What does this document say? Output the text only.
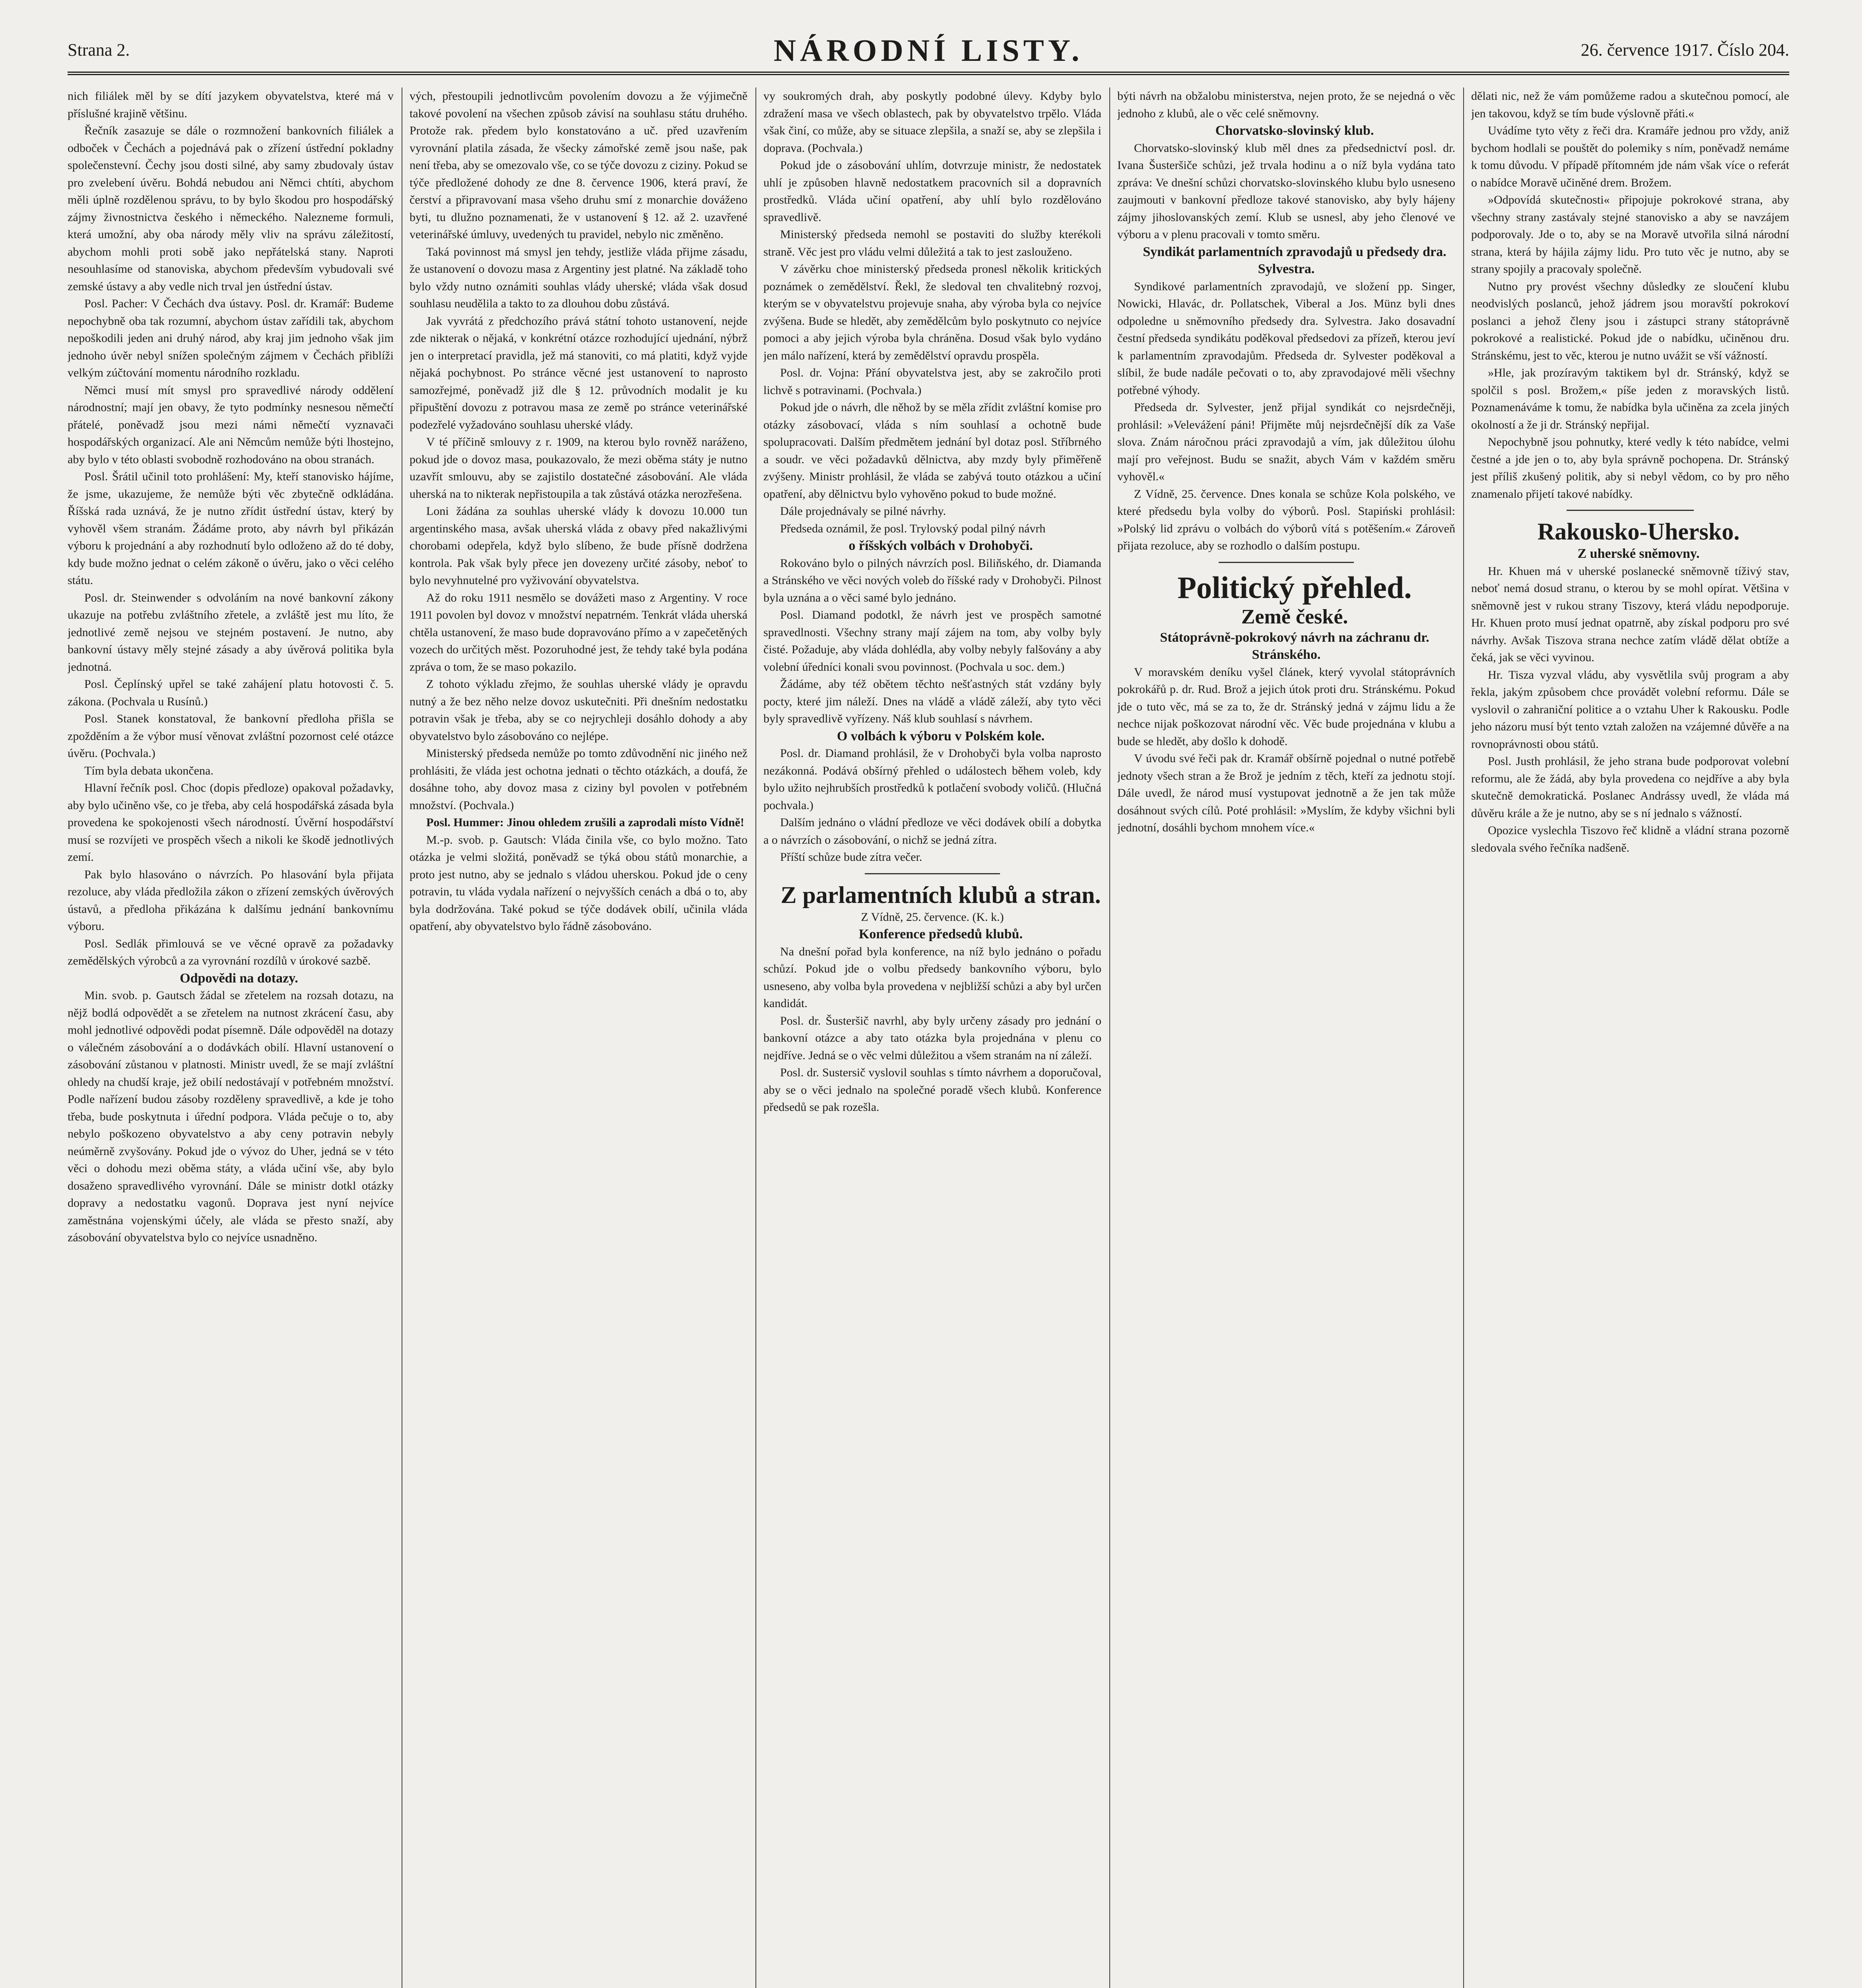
Strana 2.	NÁRODNÍ LISTY.	26. července 1917. Číslo 204.

nich filiálek měl by se dítí jazykem obyvatelstva, které má v příslušné krajině většinu.

Řečník zasazuje se dále o rozmnožení bankovních filiálek a odboček v Čechách a pojednává pak o zřízení ústřední pokladny společenstevní. Čechy jsou dosti silné, aby samy zbudovaly ústav pro zvelebení úvěru. Bohdá nebudou ani Němci chtíti, abychom měli úplně rozdělenou správu, to by bylo škodou pro hospodářský zájmy živnostnictva českého i německého. Naleznemе formuli, která umožní, aby oba národy měly vliv na správu záležitostí, abychom mohli proti sobě jako nepřátelská stany. Naproti nesouhlasíme od stanoviska, abychom především vybudovali své zemské ústavy a aby vedle nich trval jen ústřední ústav.

Posl. Pacher: V Čechách dva ústavy. Posl. dr. Kramář: Budeme nepochybně oba tak rozumní, abychom ústav zařídili tak, abychom nepoškodili jeden ani druhý národ, aby kraj jim jednoho však jim jednoho úvěr nebyl snížen společným zájmem v Čechách přiblíži velkým zúčtování momentu národního rozkladu.

Němci musí mít smysl pro spravedlivé národy oddělení národnostní; mají jen obavy, že tyto podmínky nesnesou němečtí přátelé, poněvadž jsou mezi námi němečtí vyznavači hospodářských organizací. Ale ani Němcům nemůže býti lhostejno, aby bylo v této oblasti svobodně rozhodováno na obou stranách.

Posl. Šrátil učinil toto prohlášení: My, kteří stanovisko hájíme, že jsme, ukazujeme, že nemůže býti věc zbytečně odkládána. Říšská rada uznává, že je nutno zřídit ústřední ústav, který by vyhověl všem stranám. Žádáme proto, aby návrh byl přikázán výboru k projednání a aby rozhodnutí bylo odloženo až do té doby, kdy bude možno jednat o celém zákoně o úvěru, jako o věci celého státu.

Posl. dr. Steinwender s odvoláním na nové bankovní zákony ukazuje na potřebu zvláštního zřetele, a zvláště jest mu líto, že jednotlivé země nejsou ve stejném postavení. Je nutno, aby bankovní ústavy měly stejné zásady a aby úvěrová politika byla jednotná.

Posl. Čeplínský upřel se také zahájení platu hotovosti č. 5. zákona. (Pochvala u Rusínů.)

Posl. Stanek konstatoval, že bankovní předloha přišla se zpožděním a že výbor musí věnovat zvláštní pozornost celé otázce úvěru. (Pochvala.)

Tím byla debata ukončena.

Hlavní řečník posl. Choc (dopis předloze) opakoval požadavky, aby bylo učiněno vše, co je třeba, aby celá hospodářská zásada byla provedena ke spokojenosti všech národností. Úvěrní hospodářství musí se rozvíjeti ve prospěch všech a nikoli ke škodě jednotlivých zemí.

Pak bylo hlasováno o návrzích. Po hlasování byla přijata rezoluce, aby vláda předložila zákon o zřízení zemských úvěrových ústavů, a předloha přikázána k dalšímu jednání bankovnímu výboru.

Posl. Sedlák přimlouvá se ve věcné opravě za požadavky zemědělských výrobců a za vyrovnání rozdílů v úrokové sazbě.

Odpovědi na dotazy.

Min. svob. p. Gautsch žádal se zřetelem na rozsah dotazu, na nějž bodlá odpovědět a se zřetelem na nutnost zkrácení času, aby mohl jednotlivé odpovědi podat písemně. Dále odpověděl na dotazy o válečném zásobování a o dodávkách obilí. Hlavní ustanovení o zásobování zůstanou v platnosti. Ministr uvedl, že se mají zvláštní ohledy na chudší kraje, jež obilí nedostávají v potřebném množství. Podle nařízení budou zásoby rozděleny spravedlivě, a kde je toho třeba, bude poskytnuta i úřední podpora. Vláda pečuje o to, aby nebylo poškozeno obyvatelstvo a aby ceny potravin nebyly neúměrně zvyšovány. Pokud jde o vývoz do Uher, jedná se v této věci o dohodu mezi oběma státy, a vláda učiní vše, aby bylo dosaženo spravedlivého vyrovnání. Dále se ministr dotkl otázky dopravy a nedostatku vagonů. Doprava jest nyní nejvíce zaměstnána vojenskými účely, ale vláda se přesto snaží, aby zásobování obyvatelstva bylo co nejvíce usnadněno.

vých, přestoupili jednotlivcům povolením dovozu a že výjimečně takové povolení na všechen způsob závisí na souhlasu státu druhého. Protože rak. předem bylo konstatováno a uč. před uzavřením vyrovnání platila zásada, že všecky zámořské země jsou naše, pak není třeba, aby se omezovalo vše, co se týče dovozu z ciziny. Pokud se týče předložené dohody ze dne 8. července 1906, která praví, že čerství a připravovaní masa všeho druhu smí z monarchie dováženo byti, tu dlužno poznamenati, že v ustanovení § 12. až 2. uzavřené veterinářské úmluvy, uvedených tu pravidel, nebylo nic změněno.

Taká povinnost má smysl jen tehdy, jestliže vláda přijme zásadu, že ustanovení o dovozu masa z Argentiny jest platné. Na základě toho bylo vždy nutno oznámiti souhlas vlády uherské; vláda však dosud souhlasu neudělila a takto to za dlouhou dobu zůstává.

Jak vyvrátá z předchozího prává státní tohoto ustanovení, nejde zde nikterak o nějaká, v konkrétní otázce rozhodující ujednání, nýbrž jen o interpretací pravidla, jež má stanoviti, co má platiti, když vyjde nějaká pochybnost. Po stránce věcné jest ustanovení to naprosto samozřejmé, poněvadž již dle § 12. průvodních modalit je ku připuštění dovozu z potravou masa ze země po stránce veterinářské podezřelé vyžadováno souhlasu uherské vlády.

V té příčině smlouvy z r. 1909, na kterou bylo rovněž naráženo, pokud jde o dovoz masa, poukazovalo, že mezi oběma státy je nutno uzavřít smlouvu, aby se zajistilo dostatečné zásobování. Ale vláda uherská na to nikterak nepřistoupila a tak zůstává otázka nerozřešena.

Loni žádána za souhlas uherské vlády k dovozu 10.000 tun argentinského masa, avšak uherská vláda z obavy před nakažlivými chorobami odepřela, když bylo slíbeno, že bude přísně dodržena kontrola. Pak však byly přece jen dovezeny určité zásoby, neboť to bylo nevyhnutelné pro vyživování obyvatelstva.

Až do roku 1911 nesmělo se dovážeti maso z Argentiny. V roce 1911 povolen byl dovoz v množství nepatrném. Tenkrát vláda uherská chtěla ustanovení, že maso bude dopravováno přímo a v zapečetěných vozech do určitých měst. Pozoruhodné jest, že tehdy také byla podána zpráva o tom, že se maso pokazilo.

Z tohoto výkladu zřejmo, že souhlas uherské vlády je opravdu nutný a že bez něho nelze dovoz uskutečniti. Při dnešním nedostatku potravin však je třeba, aby se co nejrychleji dosáhlo dohody a aby obyvatelstvo bylo zásobováno co nejlépe.

Ministerský předseda nemůže po tomto zdůvodnění nic jiného než prohlásiti, že vláda jest ochotna jednati o těchto otázkách, a doufá, že dosáhne toho, aby dovoz masa z ciziny byl povolen v potřebném množství. (Pochvala.)

Posl. Hummer: Jinou ohledem zrušili a zaprodali místo Vídně!

M.-p. svob. p. Gautsch: Vláda činila vše, co bylo možno. Tato otázka je velmi složitá, poněvadž se týká obou států monarchie, a proto jest nutno, aby se jednalo s vládou uherskou. Pokud jde o ceny potravin, tu vláda vydala nařízení o nejvyšších cenách a dbá o to, aby byla dodržována. Také pokud se týče dodávek obilí, učinila vláda opatření, aby obyvatelstvo bylo řádně zásobováno.

vy soukromých drah, aby poskytly podobné úlevy. Kdyby bylo zdražení masa ve všech oblastech, pak by obyvatelstvo trpělo. Vláda však činí, co může, aby se situace zlepšila, a snaží se, aby se zlepšila i doprava. (Pochvala.)

Pokud jde o zásobování uhlím, dotvrzuje ministr, že nedostatek uhlí je způsoben hlavně nedostatkem pracovních sil a dopravních prostředků. Vláda učiní opatření, aby uhlí bylo rozdělováno spravedlivě.

Ministerský předseda nemohl se postaviti do služby kterékoli straně. Věc jest pro vládu velmi důležitá a tak to jest zaslouženo.

V závěrku choe ministerský předseda pronesl několik kritických poznámek o zemědělství. Řekl, že sledoval ten chvalitebný rozvoj, kterým se v obyvatelstvu projevuje snaha, aby výroba byla co nejvíce zvýšena. Bude se hledět, aby zemědělcům bylo poskytnuto co nejvíce pomoci a aby jejich výroba byla chráněna. Dosud však bylo vydáno jen málo nařízení, která by zemědělství opravdu prospěla.

Posl. dr. Vojna: Přání obyvatelstva jest, aby se zakročilo proti lichvě s potravinami. (Pochvala.)

Pokud jde o návrh, dle něhož by se měla zřídit zvláštní komise pro otázky zásobovací, vláda s ním souhlasí a ochotně bude spolupracovati. Dalším předmětem jednání byl dotaz posl. Stříbrného a soudr. ve věci požadavků dělnictva, aby mzdy byly přiměřeně zvýšeny. Ministr prohlásil, že vláda se zabývá touto otázkou a učiní opatření, aby dělnictvu bylo vyhověno pokud to bude možné.

Dále projednávaly se pilné návrhy.

Předseda oznámil, že posl. Trylovský podal pilný návrh

o říšských volbách v Drohobyči.

Rokováno bylo o pilných návrzích posl. Biliňského, dr. Diamanda a Stránského ve věci nových voleb do říšské rady v Drohobyči. Pilnost byla uznána a o věci samé bylo jednáno.

Posl. Diamand podotkl, že návrh jest ve prospěch samotné spravedlnosti. Všechny strany mají zájem na tom, aby volby byly čisté. Požaduje, aby vláda dohlédla, aby volby nebyly falšovány a aby volební úředníci konali svou povinnost. (Pochvala u soc. dem.)

Žádáme, aby též obětem těchto nešťastných stát vzdány byly pocty, které jim náleží. Dnes na vládě a vládě záleží, aby tyto věci byly spravedlivě vyřízeny. Náš klub souhlasí s návrhem.

O volbách k výboru v Polském kole.

Posl. dr. Diamand prohlásil, že v Drohobyči byla volba naprosto nezákonná. Podává obšírný přehled o událostech během voleb, kdy bylo užito nejhrubších prostředků k potlačení svobody voličů. (Hlučná pochvala.)

Dalším jednáno o vládní předloze ve věci dodávek obilí a dobytka a o návrzích o zásobování, o nichž se jedná zítra.

Příští schůze bude zítra večer.

Z parlamentních klubů a stran.

Z Vídně, 25. července. (K. k.)

Konference předsedů klubů.

Na dnešní pořad byla konference, na níž bylo jednáno o pořadu schůzí. Pokud jde o volbu předsedy bankovního výboru, bylo usneseno, aby volba byla provedena v nejbližší schůzi a aby byl určen kandidát.

Posl. dr. Šusteršič navrhl, aby byly určeny zásady pro jednání o bankovní otázce a aby tato otázka byla projednána v plenu co nejdříve. Jedná se o věc velmi důležitou a všem stranám na ní záleží.

Posl. dr. Sustersič vyslovil souhlas s tímto návrhem a doporučoval, aby se o věci jednalo na společné poradě všech klubů. Konference předsedů se pak rozešla.

býti návrh na obžalobu ministerstva, nejen proto, že se nejedná o věc jednoho z klubů, ale o věc celé sněmovny.

Chorvatsko-slovinský klub.

Chorvatsko-slovinský klub měl dnes za předsednictví posl. dr. Ivana Šusteršiče schůzi, jež trvala hodinu a o níž byla vydána tato zpráva: Ve dnešní schůzi chorvatsko-slovinského klubu bylo usneseno zaujmouti v bankovní předloze takové stanovisko, aby byly hájeny zájmy jihoslovanských zemí. Klub se usnesl, aby jeho členové ve výboru a v plenu pracovali v tomto směru.

Syndikát parlamentních zpravodajů u předsedy dra. Sylvestra.

Syndikové parlamentních zpravodajů, ve složení pp. Singer, Nowicki, Hlavác, dr. Pollatschek, Viberal a Jos. Münz byli dnes odpoledne u sněmovního předsedy dra. Sylvestra. Jako dosavadní čestní předseda syndikátu poděkoval předsedovi za přízeň, kterou jeví k parlamentním zpravodajům. Předseda dr. Sylvester poděkoval a slíbil, že bude nadále pečovati o to, aby zpravodajové měli všechny potřebné výhody.

Předseda dr. Sylvester, jenž přijal syndikát co nejsrdečněji, prohlásil: »Velevážení páni! Přijměte můj nejsrdečnější dík za Vaše slova. Znám náročnou práci zpravodajů a vím, jak důležitou úlohu mají pro veřejnost. Budu se snažit, abych Vám v každém směru vyhověl.«

Z Vídně, 25. července. Dnes konala se schůze Kola polského, ve které předsedu byla volby do výborů. Posl. Stapiński prohlásil: »Polský lid zprávu o volbách do výborů vítá s potěšením.« Zároveň přijata rezoluce, aby se rozhodlo o dalším postupu.

Politický přehled.

Země české.

Státoprávně-pokrokový návrh na záchranu dr. Stránského.

V moravském deníku vyšel článek, který vyvolal státoprávních pokrokářů p. dr. Rud. Brož a jejich útok proti dru. Stránskému. Pokud jde o tuto věc, má se za to, že dr. Stránský jedná v zájmu lidu a že nechce nijak poškozovat národní věc. Věc bude projednána v klubu a bude se hledět, aby došlo k dohodě.

V úvodu své řeči pak dr. Kramář obšírně pojednal o nutné potřebě jednoty všech stran a že Brož je jedním z těch, kteří za jednotu stojí. Dále uvedl, že národ musí vystupovat jednotně a že jen tak může dosáhnout svých cílů. Poté prohlásil: »Myslím, že kdyby všichni byli jednotní, dosáhli bychom mnohem více.«

dělati nic, než že vám pomůžeme radou a skutečnou pomocí, ale jen takovou, když se tím bude výslovně přáti.«

Uvádíme tyto věty z řeči dra. Kramáře jednou pro vždy, aniž bychom hodlali se pouštět do polemiky s ním, poněvadž nemáme k tomu důvodu. V případě přítomném jde nám však více o referát o nabídce Moravě učiněné drem. Brožem.

»Odpovídá skutečnosti« připojuje pokrokové strana, aby všechny strany zastávaly stejné stanovisko a aby se navzájem podporovaly. Jde o to, aby se na Moravě utvořila silná národní strana, která by hájila zájmy lidu. Pro tuto věc je nutno, aby se strany spojily a pracovaly společně.

Nutno pry provést všechny důsledky ze sloučení klubu neodvislých poslanců, jehož jádrem jsou moravští pokrokoví poslanci a jehož členy jsou i zástupci strany státoprávně pokrokové a realistické. Pokud jde o nabídku, učiněnou dru. Stránskému, jest to věc, kterou je nutno uvážit se vší vážností.

»Hle, jak prozíravým taktikem byl dr. Stránský, když se spolčil s posl. Brožem,« píše jeden z moravských listů. Poznamenáváme k tomu, že nabídka byla učiněna za zcela jiných okolností a že ji dr. Stránský nepřijal.

Nepochybně jsou pohnutky, které vedly k této nabídce, velmi čestné a jde jen o to, aby byla správně pochopena. Dr. Stránský jest příliš zkušený politik, aby si nebyl vědom, co by pro něho znamenalo přijetí takové nabídky.

Rakousko-Uhersko.

Z uherské sněmovny.

Hr. Khuen má v uherské poslanecké sněmovně tíživý stav, neboť nemá dosud stranu, o kterou by se mohl opírat. Většina v sněmovně jest v rukou strany Tiszovy, která vládu nepodporuje. Hr. Khuen proto musí jednat opatrně, aby získal podporu pro své návrhy. Avšak Tiszova strana nechce zatím vládě dělat obtíže a čeká, jak se věci vyvinou.

Hr. Tisza vyzval vládu, aby vysvětlila svůj program a aby řekla, jakým způsobem chce provádět volební reformu. Dále se vyslovil o zahraniční politice a o vztahu Uher k Rakousku. Podle jeho názoru musí být tento vztah založen na vzájemné důvěře a na rovnoprávnosti obou států.

Posl. Justh prohlásil, že jeho strana bude podporovat volební reformu, ale že žádá, aby byla provedena co nejdříve a aby byla skutečně demokratická. Poslanec Andrássy uvedl, že vláda má důvěru krále a že je nutno, aby se s ní jednalo s vážností.

Opozice vyslechla Tiszovo řeč klidně a vládní strana pozorně sledovala svého řečníka nadšeně.
